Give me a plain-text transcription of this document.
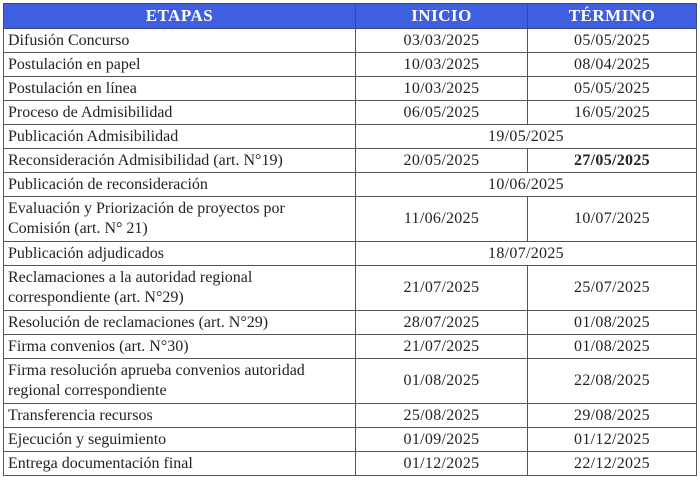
ETAPAS	INICIO	TÉRMINO
Difusión Concurso	03/03/2025	05/05/2025
Postulación en papel	10/03/2025	08/04/2025
Postulación en línea	10/03/2025	05/05/2025
Proceso de Admisibilidad	06/05/2025	16/05/2025
Publicación Admisibilidad	19/05/2025	
Reconsideración Admisibilidad (art. N°19)	20/05/2025	27/05/2025
Publicación de reconsideración	10/06/2025	
Evaluación y Priorización de proyectos por Comisión (art. N° 21)	11/06/2025	10/07/2025
Publicación adjudicados	18/07/2025	
Reclamaciones a la autoridad regional correspondiente (art. N°29)	21/07/2025	25/07/2025
Resolución de reclamaciones (art. N°29)	28/07/2025	01/08/2025
Firma convenios (art. N°30)	21/07/2025	01/08/2025
Firma resolución aprueba convenios autoridad regional correspondiente	01/08/2025	22/08/2025
Transferencia recursos	25/08/2025	29/08/2025
Ejecución y seguimiento	01/09/2025	01/12/2025
Entrega documentación final	01/12/2025	22/12/2025
